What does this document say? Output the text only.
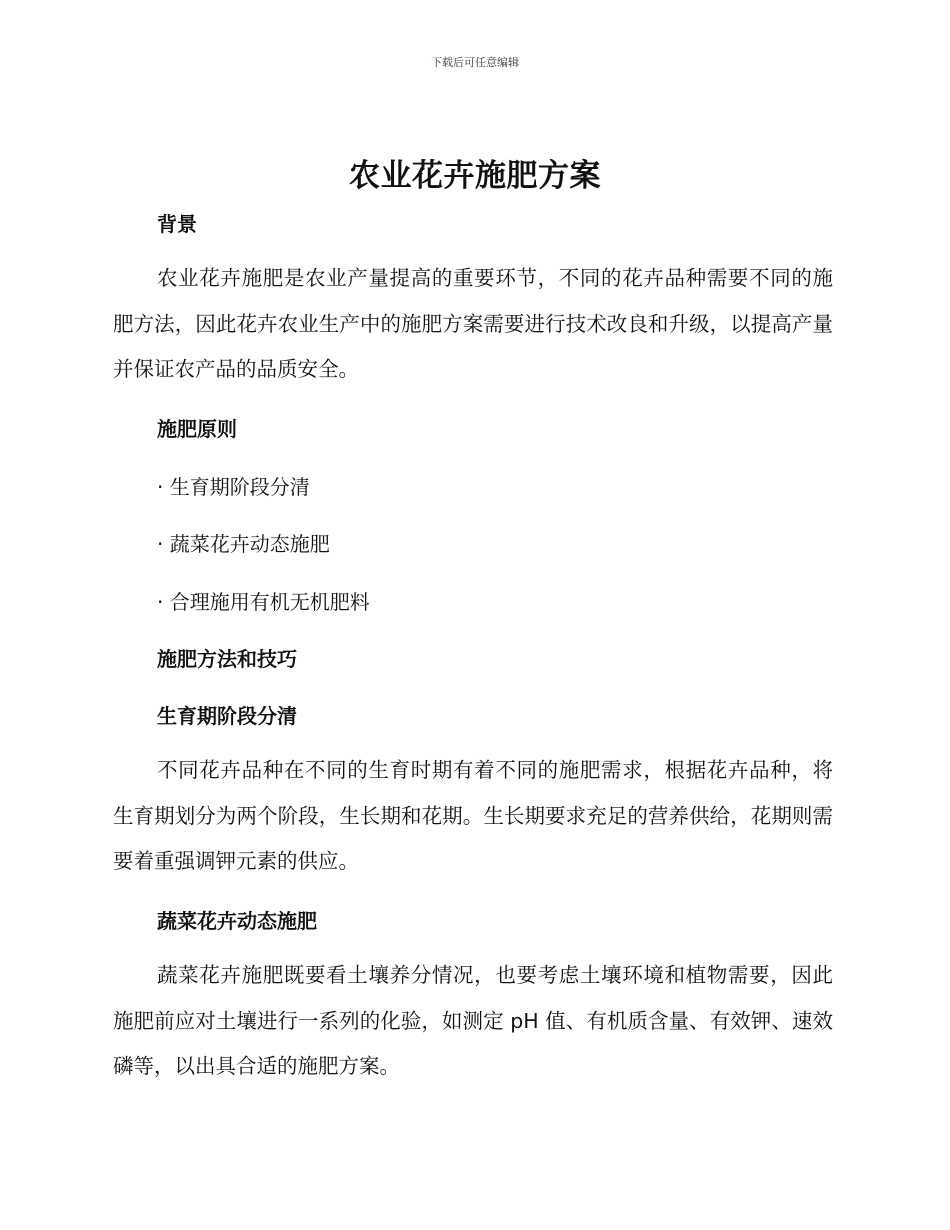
下载后可任意编辑
农业花卉施肥方案
背景
农业花卉施肥是农业产量提高的重要环节，不同的花卉品种需要不同的施肥方法，因此花卉农业生产中的施肥方案需要进行技术改良和升级，以提高产量并保证农产品的品质安全。
施肥原则
· 生育期阶段分清
· 蔬菜花卉动态施肥
· 合理施用有机无机肥料
施肥方法和技巧
生育期阶段分清
不同花卉品种在不同的生育时期有着不同的施肥需求，根据花卉品种，将生育期划分为两个阶段，生长期和花期。生长期要求充足的营养供给，花期则需要着重强调钾元素的供应。
蔬菜花卉动态施肥
蔬菜花卉施肥既要看土壤养分情况，也要考虑土壤环境和植物需要，因此施肥前应对土壤进行一系列的化验，如测定 pH 值、有机质含量、有效钾、速效磷等，以出具合适的施肥方案。
